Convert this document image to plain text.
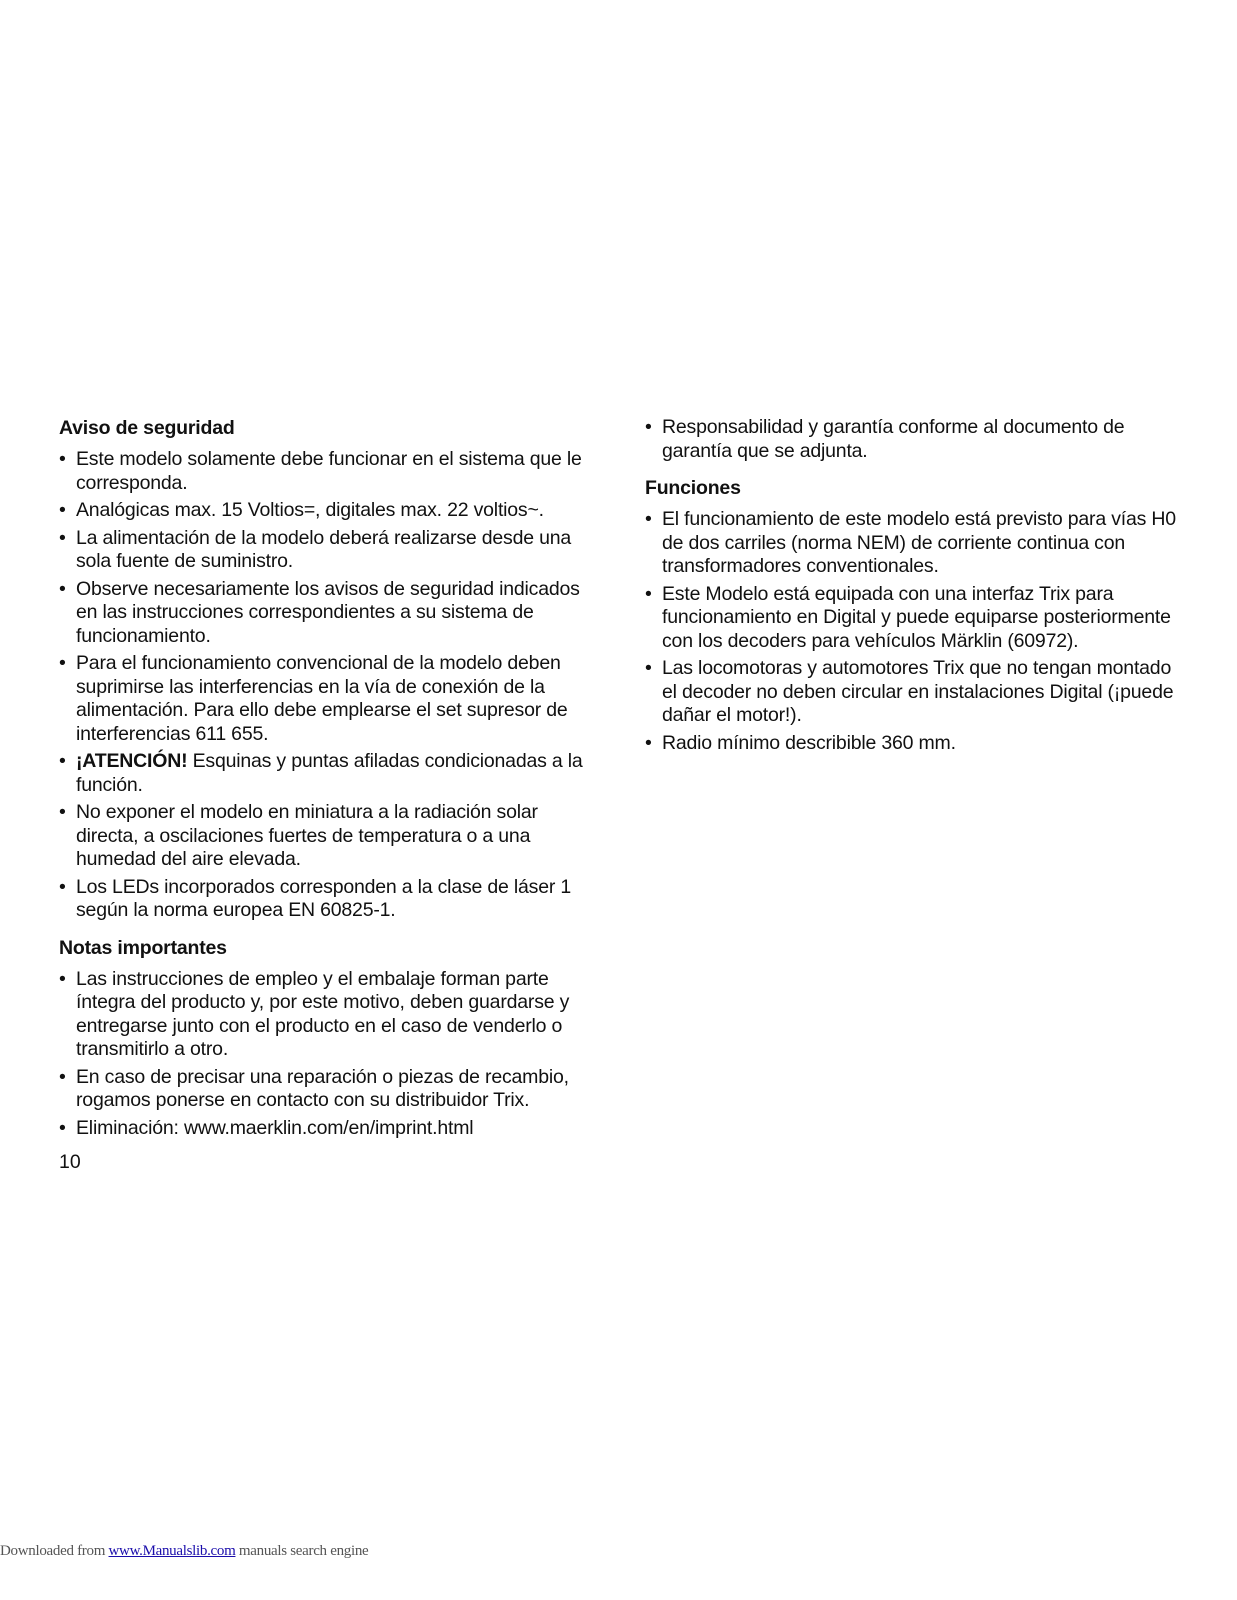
Aviso de seguridad
• Este modelo solamente debe funcionar en el sistema que le corresponda.
• Analógicas max. 15 Voltios=, digitales max. 22 voltios~.
• La alimentación de la modelo deberá realizarse desde una sola fuente de suministro.
• Observe necesariamente los avisos de seguridad indicados en las instrucciones correspondientes a su sistema de funcionamiento.
• Para el funcionamiento convencional de la modelo deben suprimirse las interferencias en la vía de conexión de la alimentación. Para ello debe emplearse el set supresor de interferencias 611 655.
• ¡ATENCIÓN! Esquinas y puntas afiladas condicionadas a la función.
• No exponer el modelo en miniatura a la radiación solar directa, a oscilaciones fuertes de temperatura o a una humedad del aire elevada.
• Los LEDs incorporados corresponden a la clase de láser 1 según la norma europea EN 60825-1.
Notas importantes
• Las instrucciones de empleo y el embalaje forman parte íntegra del producto y, por este motivo, deben guardarse y entregarse junto con el producto en el caso de venderlo o transmitirlo a otro.
• En caso de precisar una reparación o piezas de recambio, rogamos ponerse en contacto con su distribuidor Trix.
• Eliminación: www.maerklin.com/en/imprint.html
• Responsabilidad y garantía conforme al documento de garantía que se adjunta.
Funciones
• El funcionamiento de este modelo está previsto para vías H0 de dos carriles (norma NEM) de corriente continua con transformadores conventionales.
• Este Modelo está equipada con una interfaz Trix para funcionamiento en Digital y puede equiparse posteriormente con los decoders para vehículos Märklin (60972).
• Las locomotoras y automotores Trix que no tengan montado el decoder no deben circular en instalaciones Digital (¡puede dañar el motor!).
• Radio mínimo describible 360 mm.
10
Downloaded from www.Manualslib.com manuals search engine
